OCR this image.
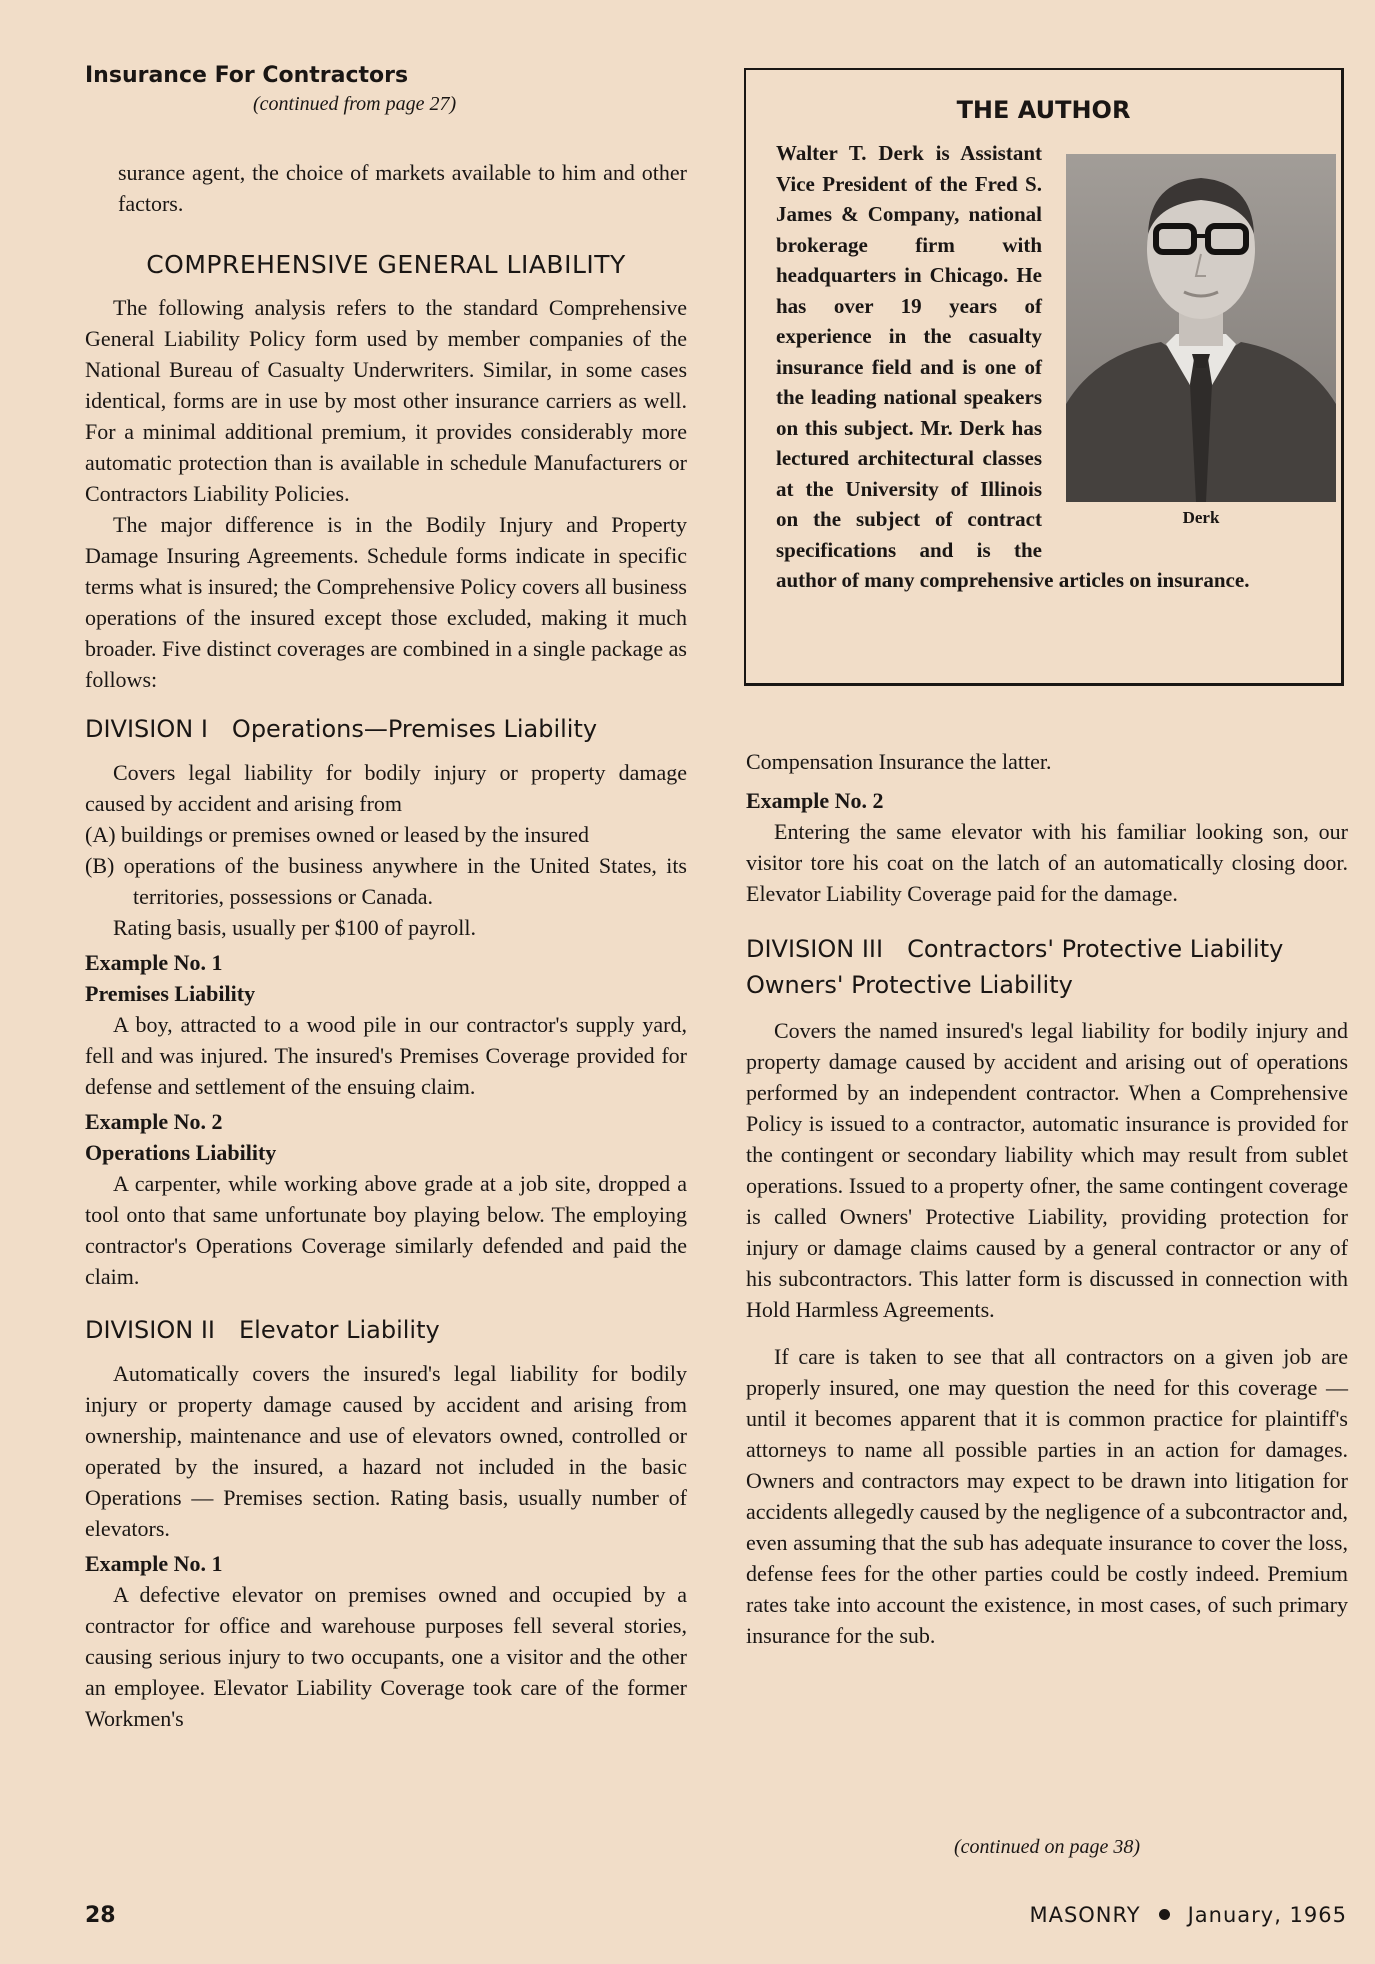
Insurance For Contractors

(continued from page 27)

surance agent, the choice of markets available to him and other factors.

COMPREHENSIVE GENERAL LIABILITY

The following analysis refers to the standard Comprehensive General Liability Policy form used by member companies of the National Bureau of Casualty Underwriters. Similar, in some cases identical, forms are in use by most other insurance carriers as well. For a minimal additional premium, it provides considerably more automatic protection than is available in schedule Manufacturers or Contractors Liability Policies.

The major difference is in the Bodily Injury and Property Damage Insuring Agreements. Schedule forms indicate in specific terms what is insured; the Comprehensive Policy covers all business operations of the insured except those excluded, making it much broader. Five distinct coverages are combined in a single package as follows:

DIVISION I Operations—Premises Liability

Covers legal liability for bodily injury or property damage caused by accident and arising from

(A) buildings or premises owned or leased by the insured

(B) operations of the business anywhere in the United States, its territories, possessions or Canada.

Rating basis, usually per $100 of payroll.

Example No. 1

Premises Liability

A boy, attracted to a wood pile in our contractor's supply yard, fell and was injured. The insured's Premises Coverage provided for defense and settlement of the ensuing claim.

Example No. 2

Operations Liability

A carpenter, while working above grade at a job site, dropped a tool onto that same unfortunate boy playing below. The employing contractor's Operations Coverage similarly defended and paid the claim.

DIVISION II Elevator Liability

Automatically covers the insured's legal liability for bodily injury or property damage caused by accident and arising from ownership, maintenance and use of elevators owned, controlled or operated by the insured, a hazard not included in the basic Operations — Premises section. Rating basis, usually number of elevators.

Example No. 1

A defective elevator on premises owned and occupied by a contractor for office and warehouse purposes fell several stories, causing serious injury to two occupants, one a visitor and the other an employee. Elevator Liability Coverage took care of the former Workmen's

THE AUTHOR
Derk
Walter T. Derk is Assistant Vice President of the Fred S. James & Company, national brokerage firm with headquarters in Chicago. He has over 19 years of experience in the casualty insurance field and is one of the leading national speakers on this subject. Mr. Derk has lectured architectural classes at the University of Illinois on the subject of contract specifications and is the author of many comprehensive articles on insurance.

Compensation Insurance the latter.

Example No. 2

Entering the same elevator with his familiar looking son, our visitor tore his coat on the latch of an automatically closing door. Elevator Liability Coverage paid for the damage.

DIVISION III Contractors' Protective Liability
Owners' Protective Liability

Covers the named insured's legal liability for bodily injury and property damage caused by accident and arising out of operations performed by an independent contractor. When a Comprehensive Policy is issued to a contractor, automatic insurance is provided for the contingent or secondary liability which may result from sublet operations. Issued to a property ofner, the same contingent coverage is called Owners' Protective Liability, providing protection for injury or damage claims caused by a general contractor or any of his subcontractors. This latter form is discussed in connection with Hold Harmless Agreements.

If care is taken to see that all contractors on a given job are properly insured, one may question the need for this coverage — until it becomes apparent that it is common practice for plaintiff's attorneys to name all possible parties in an action for damages. Owners and contractors may expect to be drawn into litigation for accidents allegedly caused by the negligence of a subcontractor and, even assuming that the sub has adequate insurance to cover the loss, defense fees for the other parties could be costly indeed. Premium rates take into account the existence, in most cases, of such primary insurance for the sub.

(continued on page 38)
28	MASONRY January, 1965
